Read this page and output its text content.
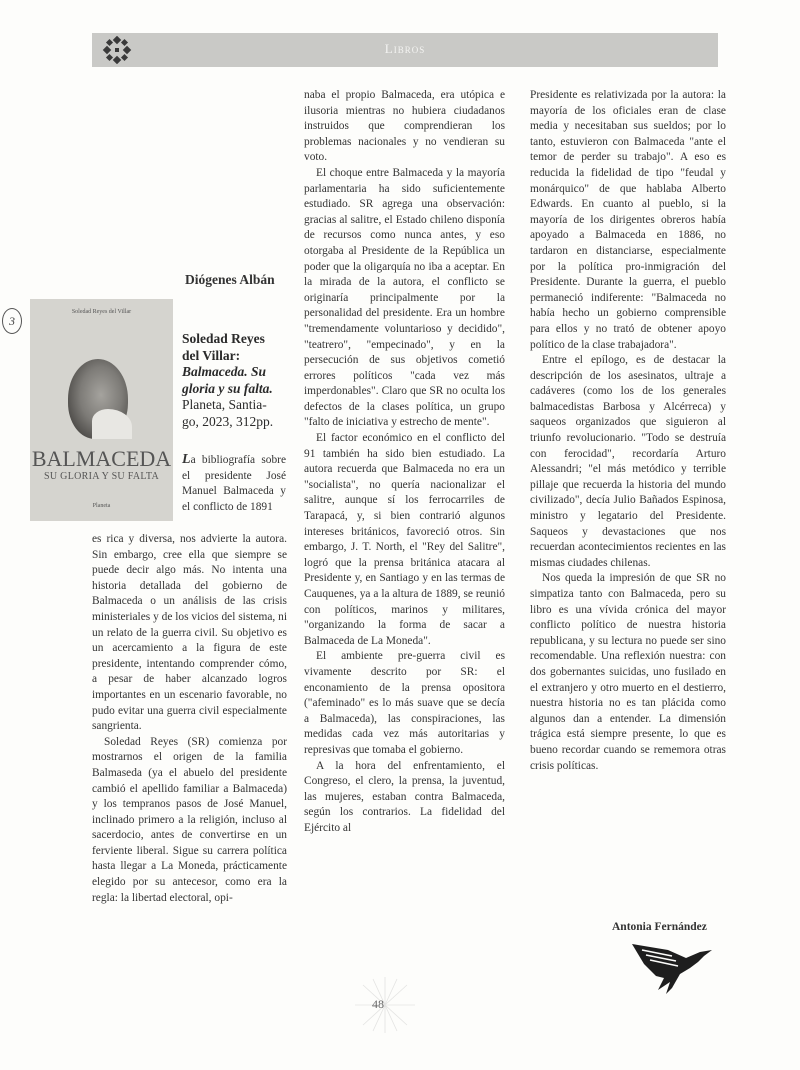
Libros
Diógenes Albán
3
Soledad Reyes del Villar
BALMACEDA
SU GLORIA Y SU FALTA
Planeta
Soledad Reyes
del Villar:
Balmaceda. Su
gloria y su falta.
Planeta, Santia-
go, 2023, 312pp.

La bibliografía sobre el presidente José Manuel Balmaceda y el conflicto de 1891

es rica y diversa, nos advierte la autora. Sin embargo, cree ella que siempre se puede decir algo más. No intenta una historia detallada del gobierno de Balmaceda o un análisis de las crisis ministeriales y de los vicios del sistema, ni un relato de la guerra civil. Su objetivo es un acercamiento a la figura de este presidente, intentando comprender cómo, a pesar de haber alcanzado logros importantes en un escenario favorable, no pudo evitar una guerra civil especialmente sangrienta.

Soledad Reyes (SR) comienza por mostrarnos el origen de la familia Balmaseda (ya el abuelo del presidente cambió el apellido familiar a Balmaceda) y los tempranos pasos de José Manuel, inclinado primero a la religión, incluso al sacerdocio, antes de convertirse en un ferviente liberal. Sigue su carrera política hasta llegar a La Moneda, prácticamente elegido por su antecesor, como era la regla: la libertad electoral, opi-

naba el propio Balmaceda, era utópica e ilusoria mientras no hubiera ciudadanos instruidos que comprendieran los problemas nacionales y no vendieran su voto.

El choque entre Balmaceda y la mayoría parlamentaria ha sido suficientemente estudiado. SR agrega una observación: gracias al salitre, el Estado chileno disponía de recursos como nunca antes, y eso otorgaba al Presidente de la República un poder que la oligarquía no iba a aceptar. En la mirada de la autora, el conflicto se originaría principalmente por la personalidad del presidente. Era un hombre "tremendamente voluntarioso y decidido", "teatrero", "empecinado", y en la persecución de sus objetivos cometió errores políticos "cada vez más imperdonables". Claro que SR no oculta los defectos de la clases política, un grupo "falto de iniciativa y estrecho de mente".

El factor económico en el conflicto del 91 también ha sido bien estudiado. La autora recuerda que Balmaceda no era un "socialista", no quería nacionalizar el salitre, aunque sí los ferrocarriles de Tarapacá, y, si bien contrarió algunos intereses británicos, favoreció otros. Sin embargo, J. T. North, el "Rey del Salitre", logró que la prensa británica atacara al Presidente y, en Santiago y en las termas de Cauquenes, ya a la altura de 1889, se reunió con políticos, marinos y militares, "organizando la forma de sacar a Balmaceda de La Moneda".

El ambiente pre-guerra civil es vivamente descrito por SR: el enconamiento de la prensa opositora ("afeminado" es lo más suave que se decía a Balmaceda), las conspiraciones, las medidas cada vez más autoritarias y represivas que tomaba el gobierno.

A la hora del enfrentamiento, el Congreso, el clero, la prensa, la juventud, las mujeres, estaban contra Balmaceda, según los contrarios. La fidelidad del Ejército al

Presidente es relativizada por la autora: la mayoría de los oficiales eran de clase media y necesitaban sus sueldos; por lo tanto, estuvieron con Balmaceda "ante el temor de perder su trabajo". A eso es reducida la fidelidad de tipo "feudal y monárquico" de que hablaba Alberto Edwards. En cuanto al pueblo, si la mayoría de los dirigentes obreros había apoyado a Balmaceda en 1886, no tardaron en distanciarse, especialmente por la política pro-inmigración del Presidente. Durante la guerra, el pueblo permaneció indiferente: "Balmaceda no había hecho un gobierno comprensible para ellos y no trató de obtener apoyo político de la clase trabajadora".

Entre el epílogo, es de destacar la descripción de los asesinatos, ultraje a cadáveres (como los de los generales balmacedistas Barbosa y Alcérreca) y saqueos organizados que siguieron al triunfo revolucionario. "Todo se destruía con ferocidad", recordaría Arturo Alessandri; "el más metódico y terrible pillaje que recuerda la historia del mundo civilizado", decía Julio Bañados Espinosa, ministro y legatario del Presidente. Saqueos y devastaciones que nos recuerdan acontecimientos recientes en las mismas ciudades chilenas.

Nos queda la impresión de que SR no simpatiza tanto con Balmaceda, pero su libro es una vívida crónica del mayor conflicto político de nuestra historia republicana, y su lectura no puede ser sino recomendable. Una reflexión nuestra: con dos gobernantes suicidas, uno fusilado en el extranjero y otro muerto en el destierro, nuestra historia no es tan plácida como algunos dan a entender. La dimensión trágica está siempre presente, lo que es bueno recordar cuando se rememora otras crisis políticas.

Antonia Fernández
48
